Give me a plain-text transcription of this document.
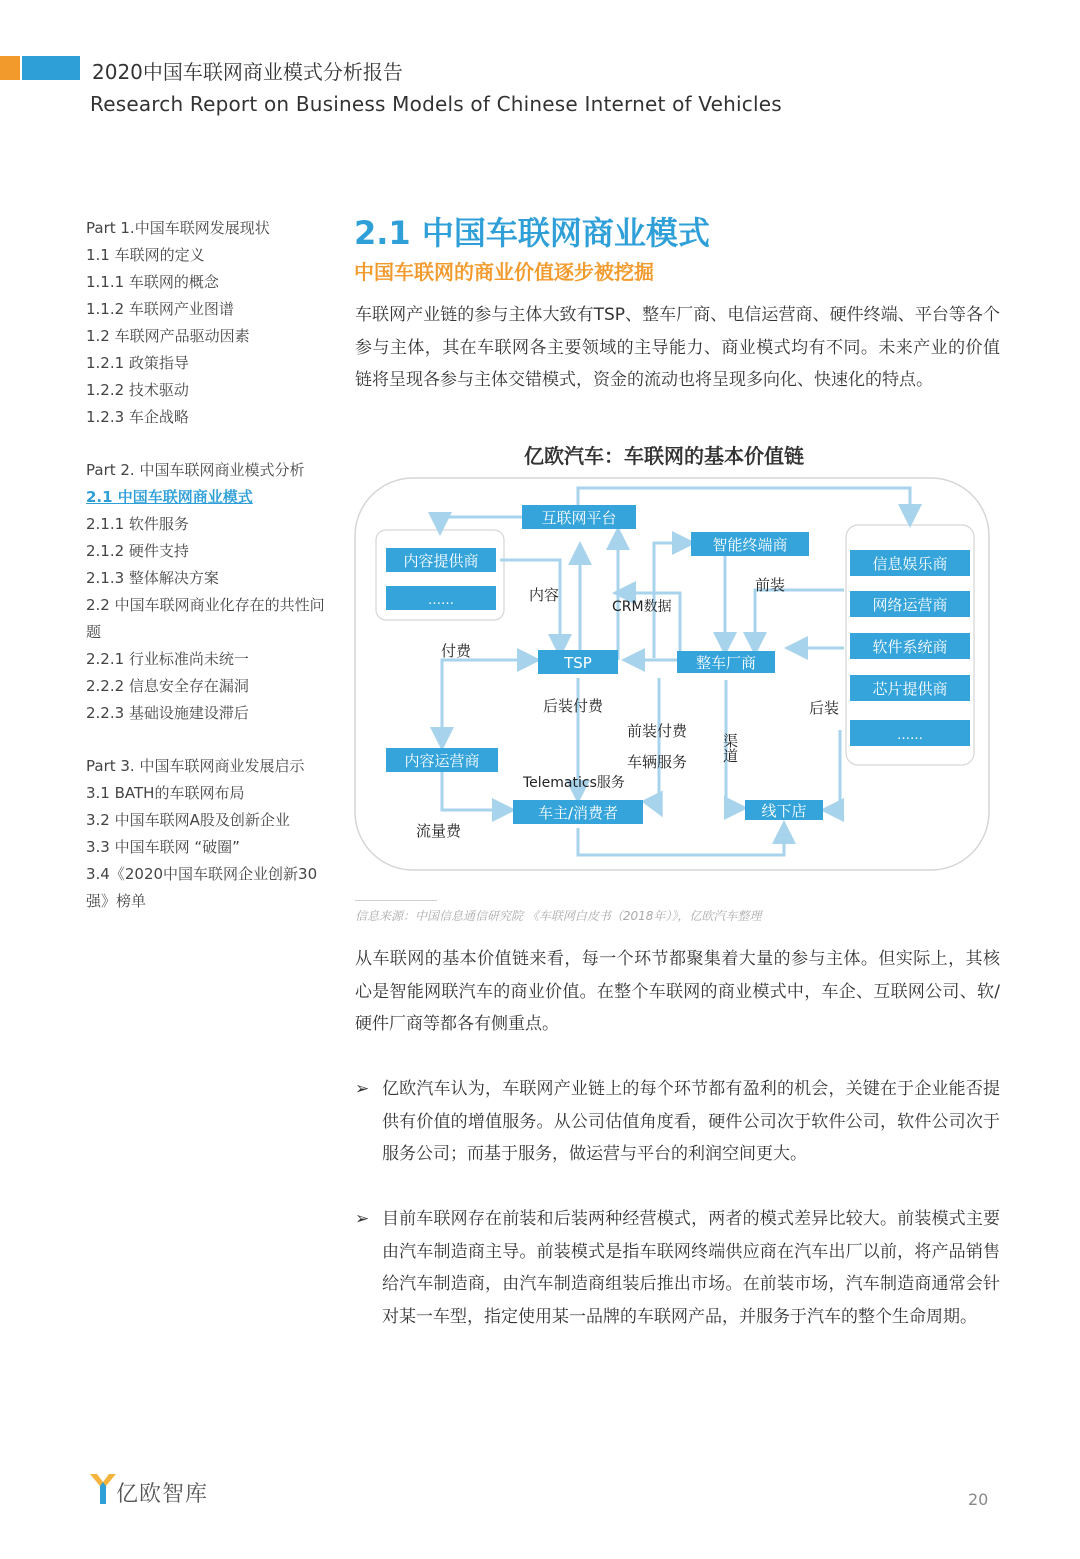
2020中国车联网商业模式分析报告
Research Report on Business Models of Chinese Internet of Vehicles
Part 1.中国车联网发展现状
1.1 车联网的定义
1.1.1 车联网的概念
1.1.2 车联网产业图谱
1.2 车联网产品驱动因素
1.2.1 政策指导
1.2.2 技术驱动
1.2.3 车企战略
Part 2. 中国车联网商业模式分析
2.1 中国车联网商业模式
2.1.1 软件服务
2.1.2 硬件支持
2.1.3 整体解决方案
2.2 中国车联网商业化存在的共性问题
2.2.1 行业标准尚未统一
2.2.2 信息安全存在漏洞
2.2.3 基础设施建设滞后
Part 3. 中国车联网商业发展启示
3.1 BATH的车联网布局
3.2 中国车联网A股及创新企业
3.3 中国车联网 “破圈”
3.4《2020中国车联网企业创新30强》榜单
2.1 中国车联网商业模式
中国车联网的商业价值逐步被挖掘
车联网产业链的参与主体大致有TSP、整车厂商、电信运营商、硬件终端、平台等各个参与主体，其在车联网各主要领域的主导能力、商业模式均有不同。未来产业的价值链将呈现各参与主体交错模式，资金的流动也将呈现多向化、快速化的特点。
亿欧汽车：车联网的基本价值链
互联网平台
内容提供商
……
智能终端商
TSP	整车厂商
内容运营商
车主/消费者	线下店
信息娱乐商
网络运营商
软件系统商
芯片提供商
……
内容
CRM数据
前装
付费
后装付费
前装付费
车辆服务
Telematics服务
渠道
后装
流量费
信息来源：中国信息通信研究院 《车联网白皮书（2018年）》，亿欧汽车整理
从车联网的基本价值链来看，每一个环节都聚集着大量的参与主体。但实际上，其核心是智能网联汽车的商业价值。在整个车联网的商业模式中，车企、互联网公司、软/硬件厂商等都各有侧重点。
➢ 亿欧汽车认为，车联网产业链上的每个环节都有盈利的机会，关键在于企业能否提供有价值的增值服务。从公司估值角度看，硬件公司次于软件公司，软件公司次于服务公司；而基于服务，做运营与平台的利润空间更大。
➢ 目前车联网存在前装和后装两种经营模式，两者的模式差异比较大。前装模式主要由汽车制造商主导。前装模式是指车联网终端供应商在汽车出厂以前，将产品销售给汽车制造商，由汽车制造商组装后推出市场。在前装市场，汽车制造商通常会针对某一车型，指定使用某一品牌的车联网产品，并服务于汽车的整个生命周期。
亿欧智库	20
